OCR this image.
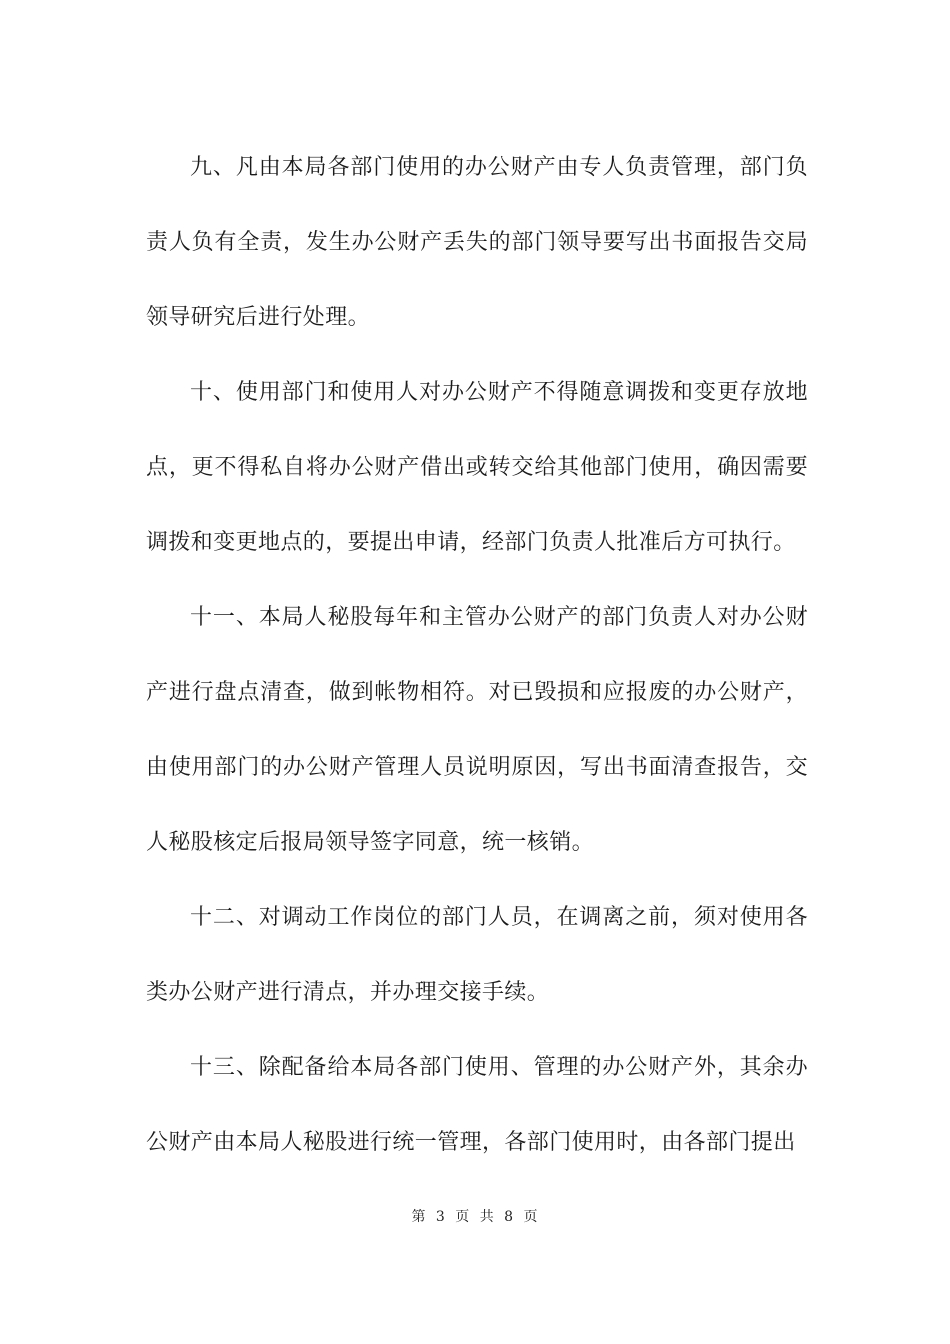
九、凡由本局各部门使用的办公财产由专人负责管理，部门负责人负有全责，发生办公财产丢失的部门领导要写出书面报告交局领导研究后进行处理。

十、使用部门和使用人对办公财产不得随意调拨和变更存放地点，更不得私自将办公财产借出或转交给其他部门使用，确因需要调拨和变更地点的，要提出申请，经部门负责人批准后方可执行。

十一、本局人秘股每年和主管办公财产的部门负责人对办公财产进行盘点清查，做到帐物相符。对已毁损和应报废的办公财产，由使用部门的办公财产管理人员说明原因，写出书面清查报告，交人秘股核定后报局领导签字同意，统一核销。

十二、对调动工作岗位的部门人员，在调离之前，须对使用各类办公财产进行清点，并办理交接手续。

十三、除配备给本局各部门使用、管理的办公财产外，其余办公财产由本局人秘股进行统一管理，各部门使用时，由各部门提出

第 3 页 共 8 页
